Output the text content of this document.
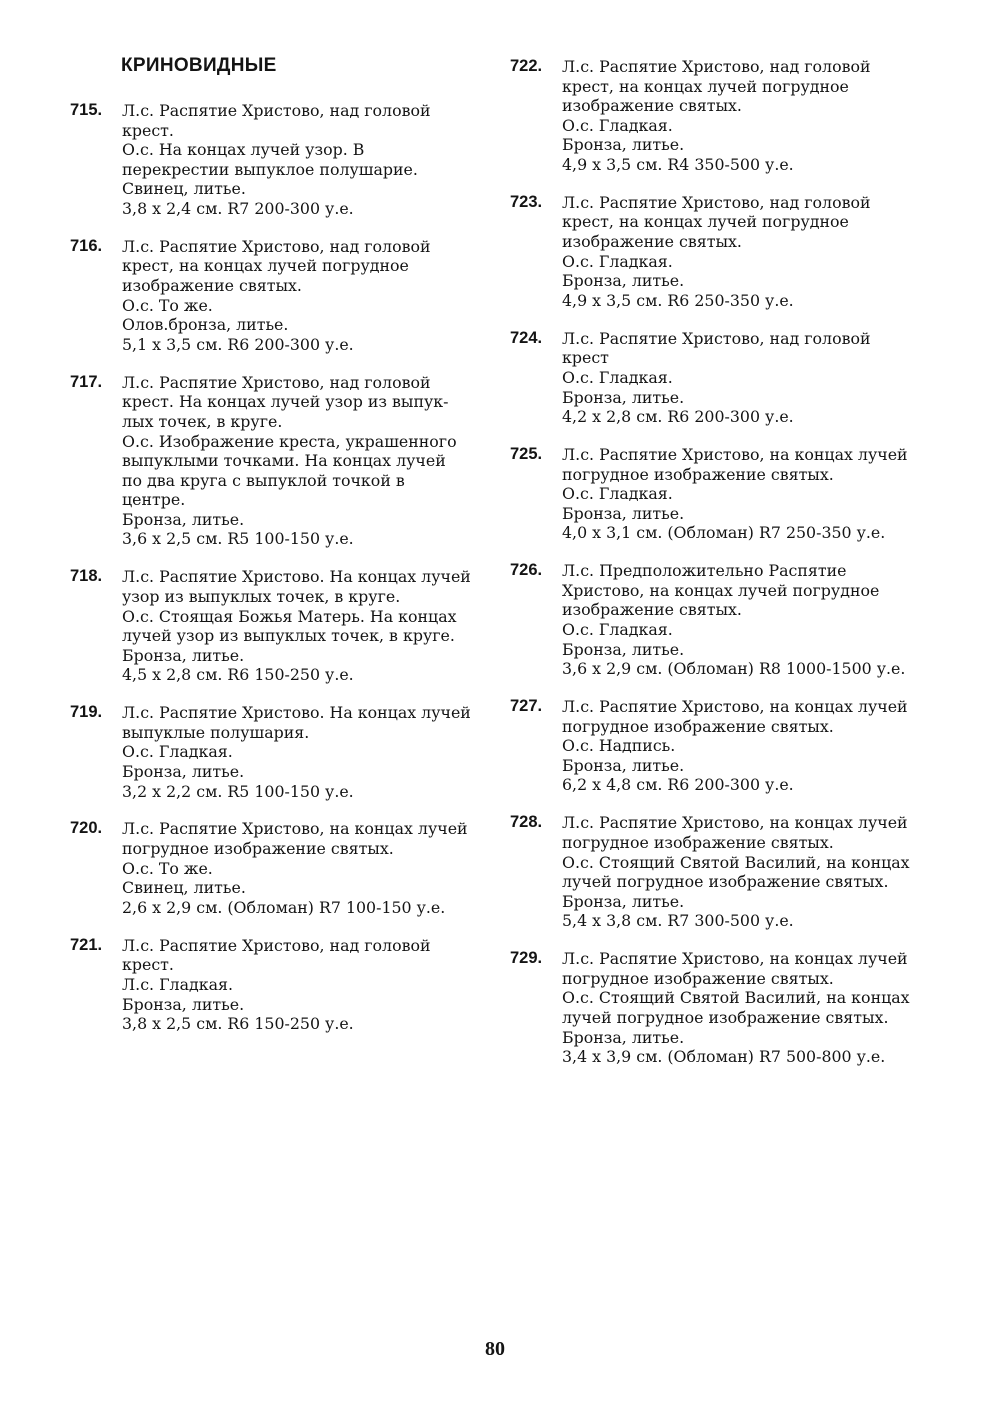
КРИНОВИДНЫЕ
715.	Л.с. Распятие Христово, над головой
крест.
О.с. На концах лучей узор. В
перекрестии выпуклое полушарие.
Свинец, литье.
3,8 х 2,4 см. R7 200-300 у.е.
716.	Л.с. Распятие Христово, над головой
крест, на концах лучей погрудное
изображение святых.
О.с. То же.
Олов.бронза, литье.
5,1 х 3,5 см. R6 200-300 у.е.
717.	Л.с. Распятие Христово, над головой
крест. На концах лучей узор из выпук-
лых точек, в круге.
О.с. Изображение креста, украшенного
выпуклыми точками. На концах лучей
по два круга с выпуклой точкой в
центре.
Бронза, литье.
3,6 х 2,5 см. R5 100-150 у.е.
718.	Л.с. Распятие Христово. На концах лучей
узор из выпуклых точек, в круге.
О.с. Стоящая Божья Матерь. На концах
лучей узор из выпуклых точек, в круге.
Бронза, литье.
4,5 х 2,8 см. R6 150-250 у.е.
719.	Л.с. Распятие Христово. На концах лучей
выпуклые полушария.
О.с. Гладкая.
Бронза, литье.
3,2 х 2,2 см. R5 100-150 у.е.
720.	Л.с. Распятие Христово, на концах лучей
погрудное изображение святых.
О.с. То же.
Свинец, литье.
2,6 х 2,9 см. (Обломан) R7 100-150 у.е.
721.	Л.с. Распятие Христово, над головой
крест.
Л.с. Гладкая.
Бронза, литье.
3,8 х 2,5 см. R6 150-250 у.е.
722.	Л.с. Распятие Христово, над головой
крест, на концах лучей погрудное
изображение святых.
О.с. Гладкая.
Бронза, литье.
4,9 х 3,5 см. R4 350-500 у.е.
723.	Л.с. Распятие Христово, над головой
крест, на концах лучей погрудное
изображение святых.
О.с. Гладкая.
Бронза, литье.
4,9 х 3,5 см. R6 250-350 у.е.
724.	Л.с. Распятие Христово, над головой
крест
О.с. Гладкая.
Бронза, литье.
4,2 х 2,8 см. R6 200-300 у.е.
725.	Л.с. Распятие Христово, на концах лучей
погрудное изображение святых.
О.с. Гладкая.
Бронза, литье.
4,0 х 3,1 см. (Обломан) R7 250-350 у.е.
726.	Л.с. Предположительно Распятие
Христово, на концах лучей погрудное
изображение святых.
О.с. Гладкая.
Бронза, литье.
3,6 х 2,9 см. (Обломан) R8 1000-1500 у.е.
727.	Л.с. Распятие Христово, на концах лучей
погрудное изображение святых.
О.с. Надпись.
Бронза, литье.
6,2 х 4,8 см. R6 200-300 у.е.
728.	Л.с. Распятие Христово, на концах лучей
погрудное изображение святых.
О.с. Стоящий Святой Василий, на концах
лучей погрудное изображение святых.
Бронза, литье.
5,4 х 3,8 см. R7 300-500 у.е.
729.	Л.с. Распятие Христово, на концах лучей
погрудное изображение святых.
О.с. Стоящий Святой Василий, на концах
лучей погрудное изображение святых.
Бронза, литье.
3,4 х 3,9 см. (Обломан) R7 500-800 у.е.
80
